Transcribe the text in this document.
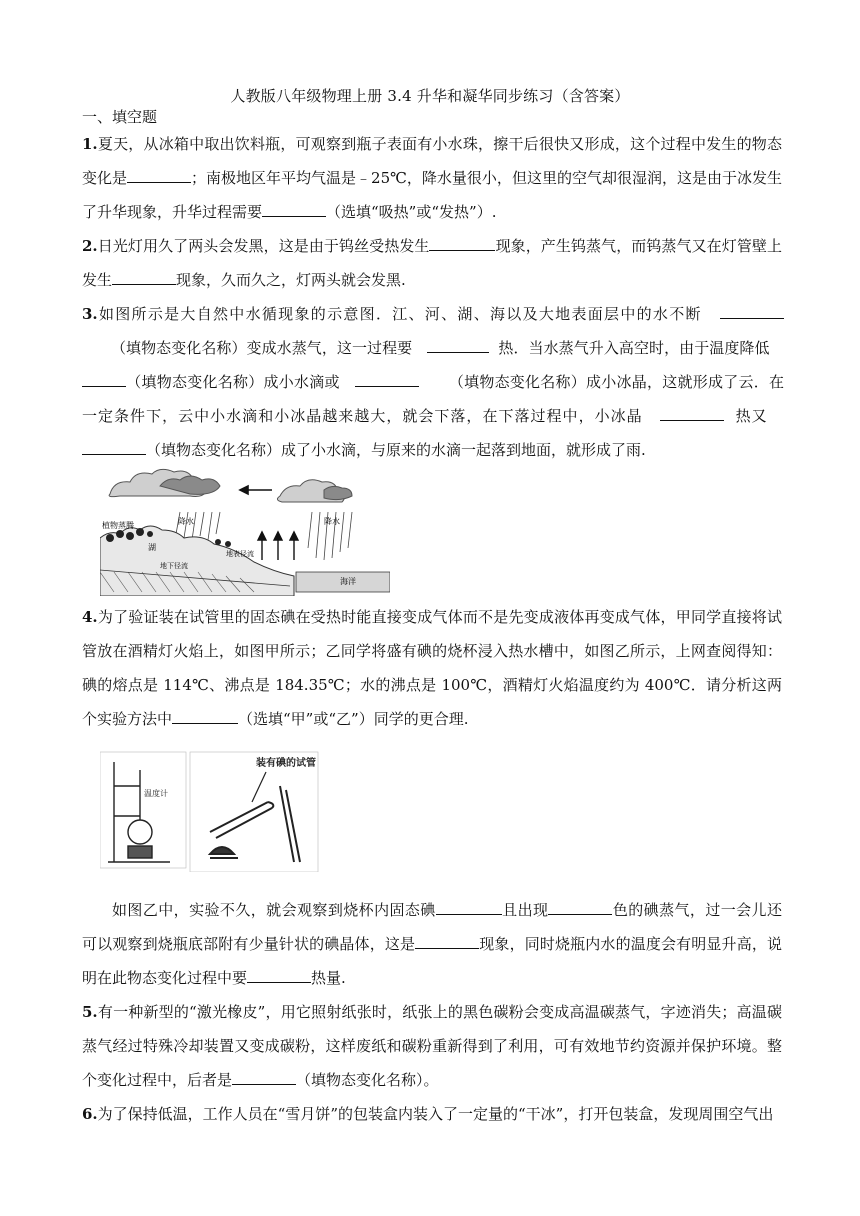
人教版八年级物理上册 3.4 升华和凝华同步练习（含答案）
一、填空题
1.夏天，从冰箱中取出饮料瓶，可观察到瓶子表面有小水珠，擦干后很快又形成，这个过程中发生的物态变化是	；南极地区年平均气温是﹣25℃，降水量很小，但这里的空气却很湿润，这是由于冰发生了升华现象，升华过程需要	（选填“吸热”或“发热”）.
2.日光灯用久了两头会发黑，这是由于钨丝受热发生	现象，产生钨蒸气，而钨蒸气又在灯管壁上发生	现象，久而久之，灯两头就会发黑.
3.如图所示是大自然中水循现象的示意图．江、河、湖、海以及大地表面层中的水不断         （填物态变化名称）变成水蒸气，这一过程要	热．当水蒸气升入高空时，由于温度降低   （填物态变化名称）成小水滴或	（填物态变化名称）成小冰晶，这就形成了云．在一定条件下，云中小水滴和小冰晶越来越大，就会下落，在下落过程中，小冰晶	热又   （填物态变化名称）成了小水滴，与原来的水滴一起落到地面，就形成了雨.
降水	降水
植物蒸腾
湖
地表径流
地下径流
海洋
4.为了验证装在试管里的固态碘在受热时能直接变成气体而不是先变成液体再变成气体，甲同学直接将试管放在酒精灯火焰上，如图甲所示；乙同学将盛有碘的烧杯浸入热水槽中，如图乙所示，上网查阅得知：碘的熔点是 114℃、沸点是 184.35℃；水的沸点是 100℃，酒精灯火焰温度约为 400℃．请分析这两个实验方法中	（选填“甲”或“乙”）同学的更合理.
温度计
装有碘的试管
如图乙中，实验不久，就会观察到烧杯内固态碘	且出现	色的碘蒸气，过一会儿还可以观察到烧瓶底部附有少量针状的碘晶体，这是	现象，同时烧瓶内水的温度会有明显升高，说明在此物态变化过程中要	热量.
5.有一种新型的“激光橡皮”，用它照射纸张时，纸张上的黑色碳粉会变成高温碳蒸气，字迹消失；高温碳蒸气经过特殊冷却装置又变成碳粉，这样废纸和碳粉重新得到了利用，可有效地节约资源并保护环境。整个变化过程中，后者是	（填物态变化名称）。
6.为了保持低温，工作人员在“雪月饼”的包装盒内装入了一定量的“干冰”，打开包装盒，发现周围空气出
